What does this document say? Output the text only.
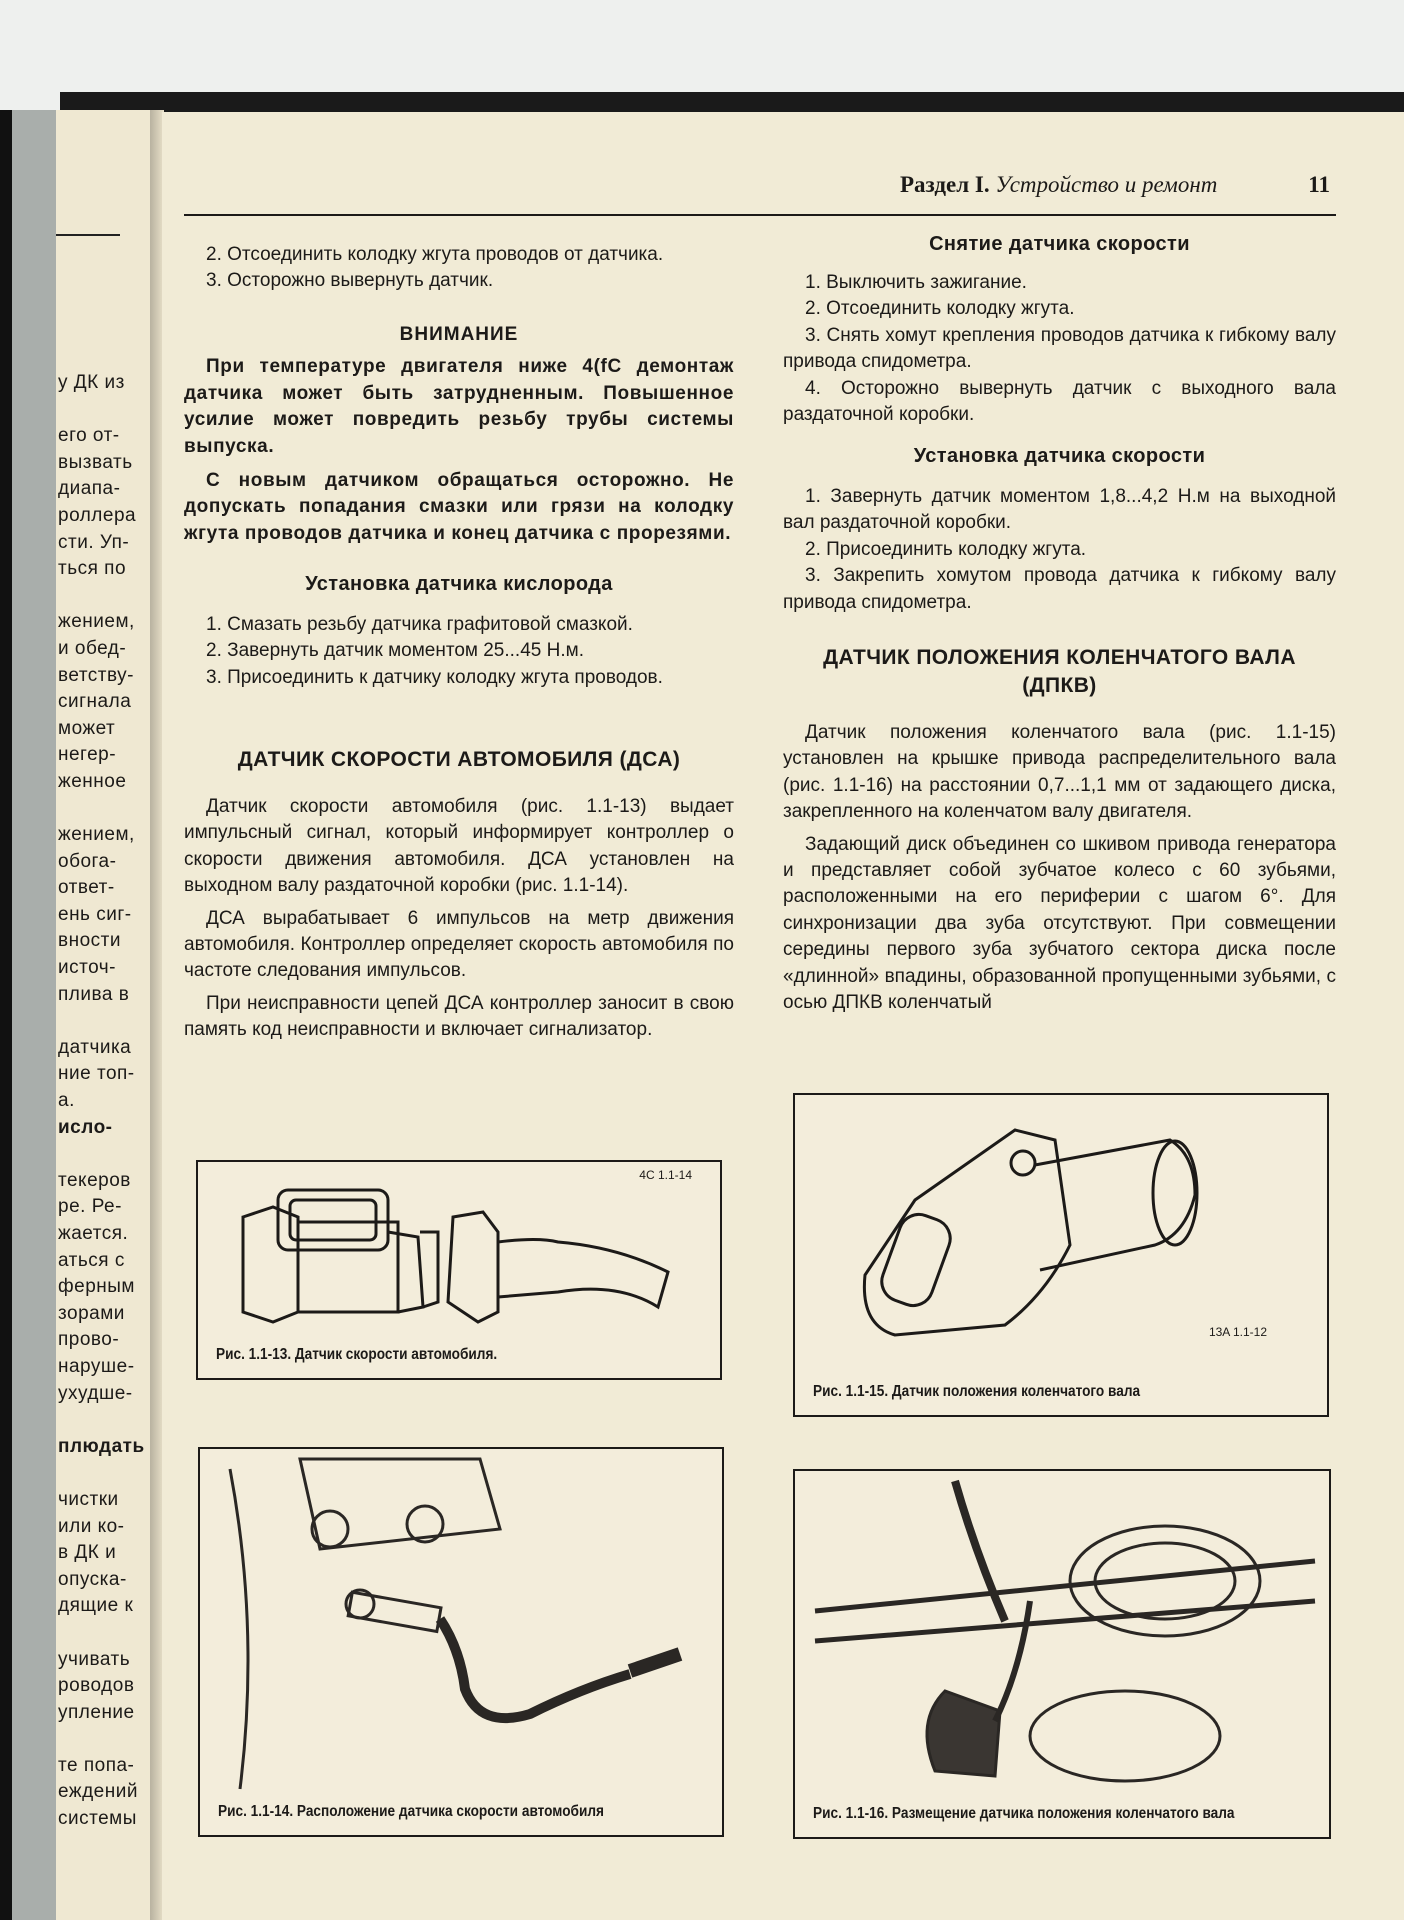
у ДК из
его от-
вызвать
диапа-
роллера
сти. Уп-
ться по
жением,
и обед-
ветству-
сигнала
может
негер-
женное
жением,
обога-
ответ-
ень сиг-
вности
источ-
плива в
датчика
ние топ-
а.
исло-
текеров
ре. Ре-
жается.
аться с
ферным
зорами
прово-
наруше-
ухудше-
плюдать
чистки
или ко-
в ДК и
опуска-
дящие к
учивать
роводов
упление
те попа-
еждений
системы
Раздел I. Устройство и ремонт	11
2. Отсоединить колодку жгута проводов от датчика.
3. Осторожно вывернуть датчик.
ВНИМАНИЕ

При температуре двигателя ниже 4(fC демонтаж датчика может быть затрудненным. Повышенное усилие может повредить резьбу трубы системы выпуска.

С новым датчиком обращаться осторожно. Не допускать попадания смазки или грязи на колодку жгута проводов датчика и конец датчика с прорезями.

Установка датчика кислорода
1. Смазать резьбу датчика графитовой смазкой.
2. Завернуть датчик моментом 25...45 Н.м.

3. Присоединить к датчику колодку жгута проводов.

ДАТЧИК СКОРОСТИ АВТОМОБИЛЯ (ДСА)

Датчик скорости автомобиля (рис. 1.1-13) выдает импульсный сигнал, который информирует контроллер о скорости движения автомобиля. ДСА установлен на выходном валу раздаточной коробки (рис. 1.1-14).

ДСА вырабатывает 6 импульсов на метр движения автомобиля. Контроллер определяет скорость автомобиля по частоте следования импульсов.

При неисправности цепей ДСА контроллер заносит в свою память код неисправности и включает сигнализатор.

Снятие датчика скорости

1. Выключить зажигание.

2. Отсоединить колодку жгута.

3. Снять хомут крепления проводов датчика к гибкому валу привода спидометра.

4. Осторожно вывернуть датчик с выходного вала раздаточной коробки.

Установка датчика скорости

1. Завернуть датчик моментом 1,8...4,2 Н.м на выходной вал раздаточной коробки.

2. Присоединить колодку жгута.

3. Закрепить хомутом провода датчика к гибкому валу привода спидометра.

ДАТЧИК ПОЛОЖЕНИЯ КОЛЕНЧАТОГО ВАЛА (ДПКВ)

Датчик положения коленчатого вала (рис. 1.1-15) установлен на крышке привода распределительного вала (рис. 1.1-16) на расстоянии 0,7...1,1 мм от задающего диска, закрепленного на коленчатом валу двигателя.

Задающий диск объединен со шкивом привода генератора и представляет собой зубчатое колесо с 60 зубьями, расположенными на его периферии с шагом 6°. Для синхронизации два зуба отсутствуют. При совмещении середины первого зуба зубчатого сектора диска после «длинной» впадины, образованной пропущенными зубьями, с осью ДПКВ коленчатый

4C 1.1-14
Рис. 1.1-13. Датчик скорости автомобиля.
Рис. 1.1-14. Расположение датчика скорости автомобиля
13A 1.1-12
Рис. 1.1-15. Датчик положения коленчатого вала
Рис. 1.1-16. Размещение датчика положения коленчатого вала
